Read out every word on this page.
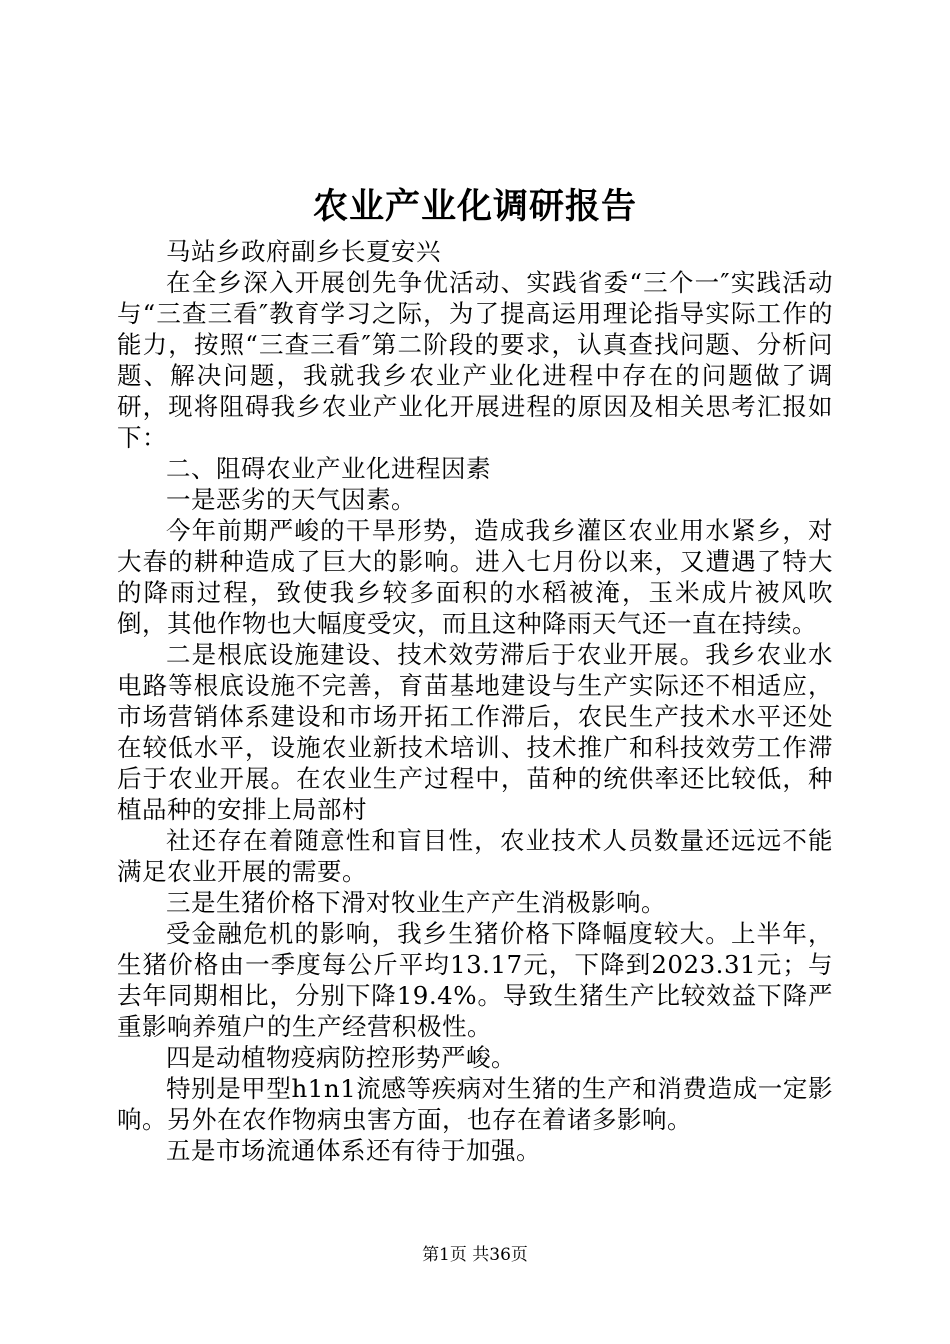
农业产业化调研报告

马站乡政府副乡长夏安兴

在全乡深入开展创先争优活动、实践省委“三个一″实践活动与“三查三看″教育学习之际，为了提高运用理论指导实际工作的能力，按照“三查三看″第二阶段的要求，认真查找问题、分析问题、解决问题，我就我乡农业产业化进程中存在的问题做了调研，现将阻碍我乡农业产业化开展进程的原因及相关思考汇报如下：

二、阻碍农业产业化进程因素

一是恶劣的天气因素。

今年前期严峻的干旱形势，造成我乡灌区农业用水紧乡，对大春的耕种造成了巨大的影响。进入七月份以来，又遭遇了特大的降雨过程，致使我乡较多面积的水稻被淹，玉米成片被风吹倒，其他作物也大幅度受灾，而且这种降雨天气还一直在持续。

二是根底设施建设、技术效劳滞后于农业开展。我乡农业水电路等根底设施不完善，育苗基地建设与生产实际还不相适应，市场营销体系建设和市场开拓工作滞后，农民生产技术水平还处在较低水平，设施农业新技术培训、技术推广和科技效劳工作滞后于农业开展。在农业生产过程中，苗种的统供率还比较低，种植品种的安排上局部村

社还存在着随意性和盲目性，农业技术人员数量还远远不能满足农业开展的需要。

三是生猪价格下滑对牧业生产产生消极影响。

受金融危机的影响，我乡生猪价格下降幅度较大。上半年，生猪价格由一季度每公斤平均13.17元，下降到2023.31元；与去年同期相比，分别下降19.4%。导致生猪生产比较效益下降严重影响养殖户的生产经营积极性。

四是动植物疫病防控形势严峻。

特别是甲型h1n1流感等疾病对生猪的生产和消费造成一定影响。另外在农作物病虫害方面，也存在着诸多影响。

五是市场流通体系还有待于加强。

第1页 共36页
